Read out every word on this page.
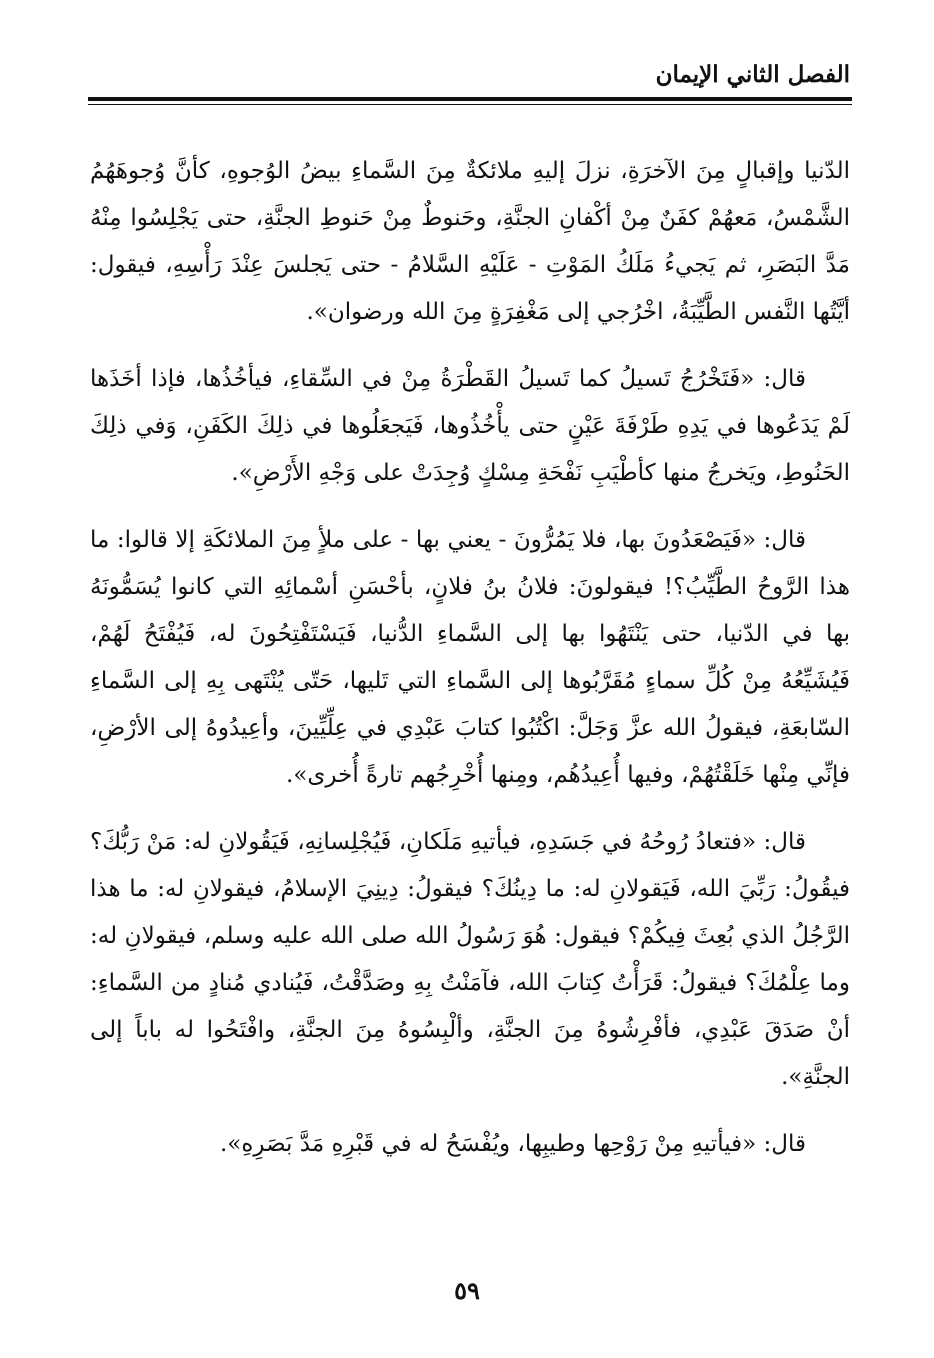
الفصل الثاني الإيمان

الدّنيا وإقبالٍ مِنَ الآخرَةِ، نزلَ إليهِ ملائكةٌ مِنَ السَّماءِ بيضُ الوُجوهِ، كأنَّ وُجوهَهُمُ الشَّمْسُ، مَعهُمْ كفَنٌ مِنْ أكْفانِ الجنَّةِ، وحَنوطٌ مِنْ حَنوطِ الجنَّةِ، حتى يَجْلِسُوا مِنْهُ مَدَّ البَصَرِ، ثم يَجيءُ مَلَكُ المَوْتِ - عَلَيْهِ السَّلامُ - حتى يَجلسَ عِنْدَ رَأْسِهِ، فيقول: أيَّتُها النَّفس الطَّيِّبَةُ، اخْرُجي إلى مَغْفِرَةٍ مِنَ الله ورضوان».

قال: «فَتَخْرُجُ تَسيلُ كما تَسيلُ القَطْرَةُ مِنْ في السِّقاءِ، فيأخُذُها، فإذا أخَذَها لَمْ يَدَعُوها في يَدِهِ طَرْفَةَ عَيْنٍ حتى يأْخُذُوها، فَيَجعَلُوها في ذلِكَ الكَفَنِ، وَفي ذلِكَ الحَنُوطِ، ويَخرجُ منها كأطْيَبِ نَفْحَةِ مِسْكٍ وُجِدَتْ على وَجْهِ الأَرْضِ».

قال: «فَيَصْعَدُونَ بها، فلا يَمُرُّونَ - يعني بها - على ملأٍ مِنَ الملائكَةِ إلا قالوا: ما هذا الرَّوحُ الطَّيِّبُ؟! فيقولونَ: فلانُ بنُ فلانٍ، بأحْسَنِ أسْمائِهِ التي كانوا يُسَمُّونَهُ بها في الدّنيا، حتى يَنْتَهُوا بها إلى السَّماءِ الدُّنيا، فَيَسْتَفْتِحُونَ له، فَيُفْتَحُ لَهُمْ، فَيُشَيِّعُهُ مِنْ كُلِّ سماءٍ مُقَرَّبُوها إلى السَّماءِ التي تَليها، حَتّى يُنْتَهى بِهِ إلى السَّماءِ السّابعَةِ، فيقولُ الله عزَّ وَجَلَّ: اكْتُبُوا كتابَ عَبْدِي في عِلِّيِّينَ، وأعِيدُوهُ إلى الأرْضِ، فإنِّي مِنْها خَلَقْتُهُمْ، وفيها أُعِيدُهُم، ومِنها أُخْرِجُهم تارةً أُخرى».

قال: «فتعادُ رُوحُهُ في جَسَدِهِ، فيأتيهِ مَلَكانِ، فَيُجْلِسانِهِ، فَيَقُولانِ له: مَنْ رَبُّكَ؟ فيقُولُ: رَبِّيَ الله، فَيَقولانِ له: ما دِينُكَ؟ فيقولُ: دِينِيَ الإسلامُ، فيقولانِ له: ما هذا الرَّجُلُ الذي بُعِثَ فِيكُمْ؟ فيقول: هُوَ رَسُولُ الله صلى الله عليه وسلم، فيقولانِ له: وما عِلْمُكَ؟ فيقولُ: قَرَأْتُ كِتابَ الله، فآمَنْتُ بِهِ وصَدَّقْتُ، فَيُنادي مُنادٍ من السَّماءِ: أنْ صَدَقَ عَبْدِي، فأفْرِشُوهُ مِنَ الجنَّةِ، وألْبِسُوهُ مِنَ الجنَّةِ، وافْتَحُوا له باباً إلى الجنَّةِ».

قال: «فيأتيهِ مِنْ رَوْحِها وطيبِها، ويُفْسَحُ له في قَبْرِهِ مَدَّ بَصَرِهِ».

٥٩
